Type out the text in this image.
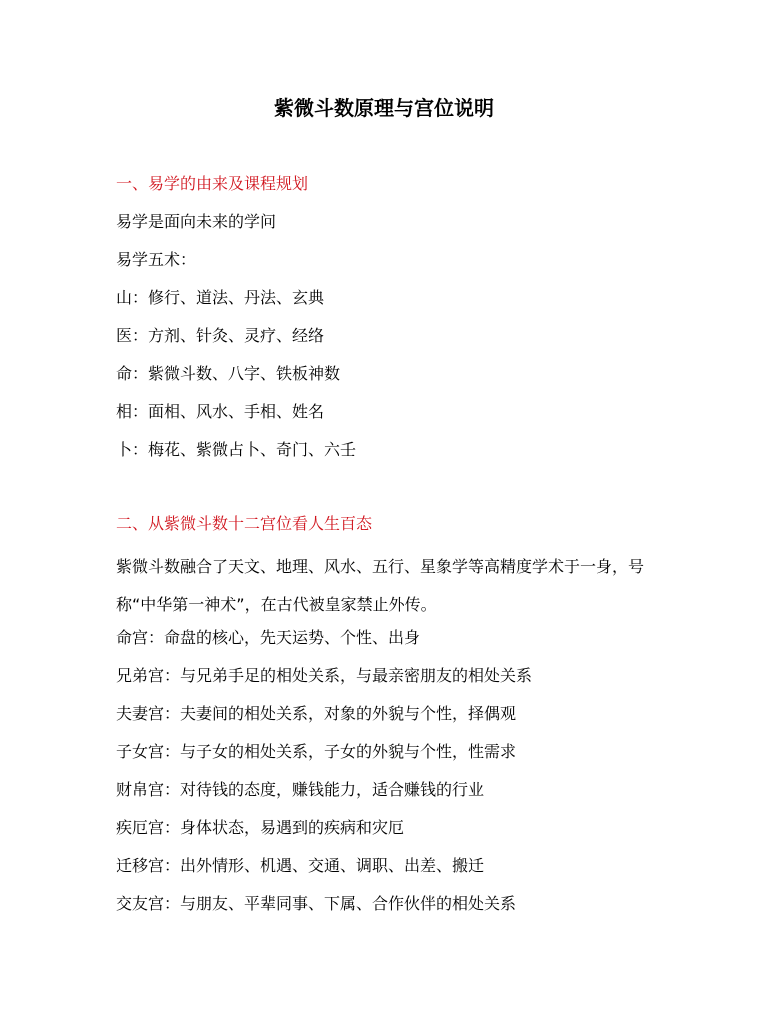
紫微斗数原理与宫位说明
一、易学的由来及课程规划

易学是面向未来的学问

易学五术：

山：修行、道法、丹法、玄典

医：方剂、针灸、灵疗、经络

命：紫微斗数、八字、铁板神数

相：面相、风水、手相、姓名

卜：梅花、紫微占卜、奇门、六壬

二、从紫微斗数十二宫位看人生百态

紫微斗数融合了天文、地理、风水、五行、星象学等高精度学术于一身，号称“中华第一神术”，在古代被皇家禁止外传。

命宫：命盘的核心，先天运势、个性、出身

兄弟宫：与兄弟手足的相处关系，与最亲密朋友的相处关系

夫妻宫：夫妻间的相处关系，对象的外貌与个性，择偶观

子女宫：与子女的相处关系，子女的外貌与个性，性需求

财帛宫：对待钱的态度，赚钱能力，适合赚钱的行业

疾厄宫：身体状态，易遇到的疾病和灾厄

迁移宫：出外情形、机遇、交通、调职、出差、搬迁

交友宫：与朋友、平辈同事、下属、合作伙伴的相处关系
